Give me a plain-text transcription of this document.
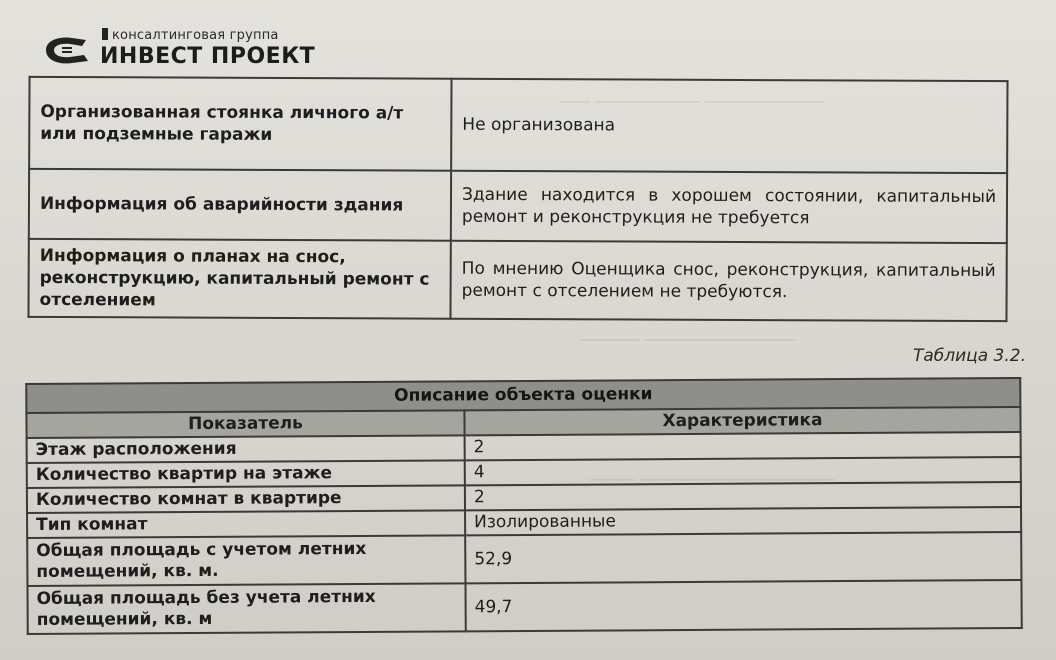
―― ――――――― ――――――――
―――― ――――――――――
――― ―――――――――――――
консалтинговая группа
ИНВЕСТ ПРОЕКТ
Организованная стоянка личного а/т или подземные гаражи	Не организована
Информация об аварийности здания	Здание находится в хорошем состоянии, капитальный ремонт и реконструкция не требуется
Информация о планах на снос, реконструкцию, капитальный ремонт с отселением	По мнению Оценщика снос, реконструкция, капитальный ремонт с отселением не требуются.
Таблица 3.2.
Описание объекта оценки	
Показатель	Характеристика
Этаж расположения	2
Количество квартир на этаже	4
Количество комнат в квартире	2
Тип комнат	Изолированные
Общая площадь с учетом летних помещений, кв. м.	52,9
Общая площадь без учета летних помещений, кв. м	49,7
